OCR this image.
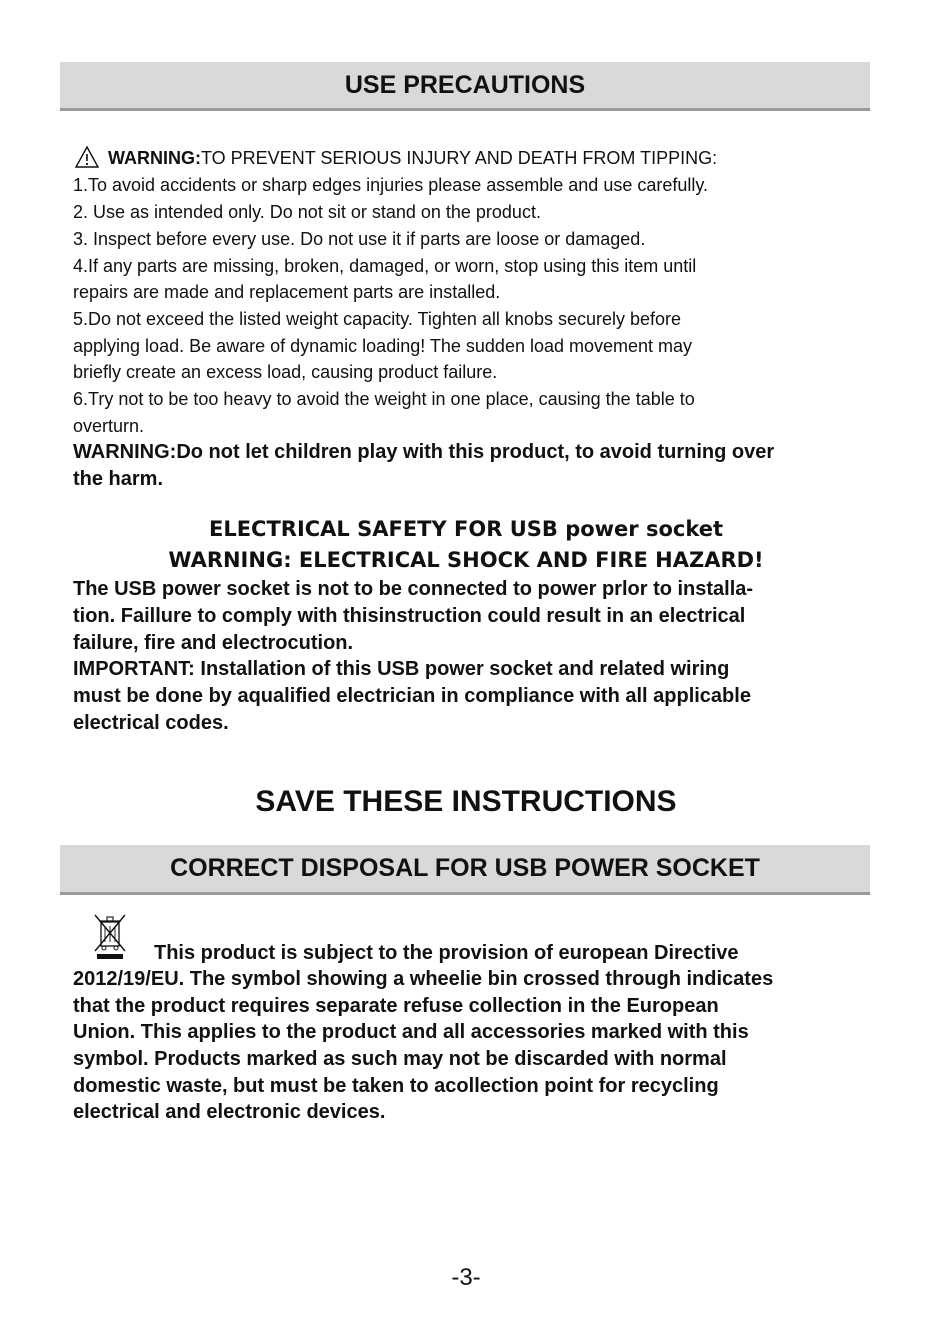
USE PRECAUTIONS
WARNING:TO PREVENT SERIOUS INJURY AND DEATH FROM TIPPING:
1.To avoid accidents or sharp edges injuries please assemble and use carefully.
2. Use as intended only. Do not sit or stand on the product.
3. Inspect before every use. Do not use it if parts are loose or damaged.
4.If any parts are missing, broken, damaged, or worn, stop using this item until
repairs are made and replacement parts are installed.
5.Do not exceed the listed weight capacity. Tighten all knobs securely before
applying load. Be aware of dynamic loading! The sudden load movement may
briefly create an excess load, causing product failure.
6.Try not to be too heavy to avoid the weight in one place, causing the table to
overturn.
WARNING:Do not let children play with this product, to avoid turning over
the harm.
ELECTRICAL SAFETY FOR USB power socket
WARNING: ELECTRICAL SHOCK AND FIRE HAZARD!
The USB power socket is not to be connected to power prlor to installa-
tion. Faillure to comply with thisinstruction could result in an electrical
failure, fire and electrocution.
IMPORTANT: Installation of this USB power socket and related wiring
must be done by aqualified electrician in compliance with all applicable
electrical codes.
SAVE THESE INSTRUCTIONS
CORRECT DISPOSAL FOR USB POWER SOCKET
This product is subject to the provision of european Directive
2012/19/EU. The symbol showing a wheelie bin crossed through indicates
that the product requires separate refuse collection in the European
Union. This applies to the product and all accessories marked with this
symbol. Products marked as such may not be discarded with normal
domestic waste, but must be taken to acollection point for recycling
electrical and electronic devices.
-3-
